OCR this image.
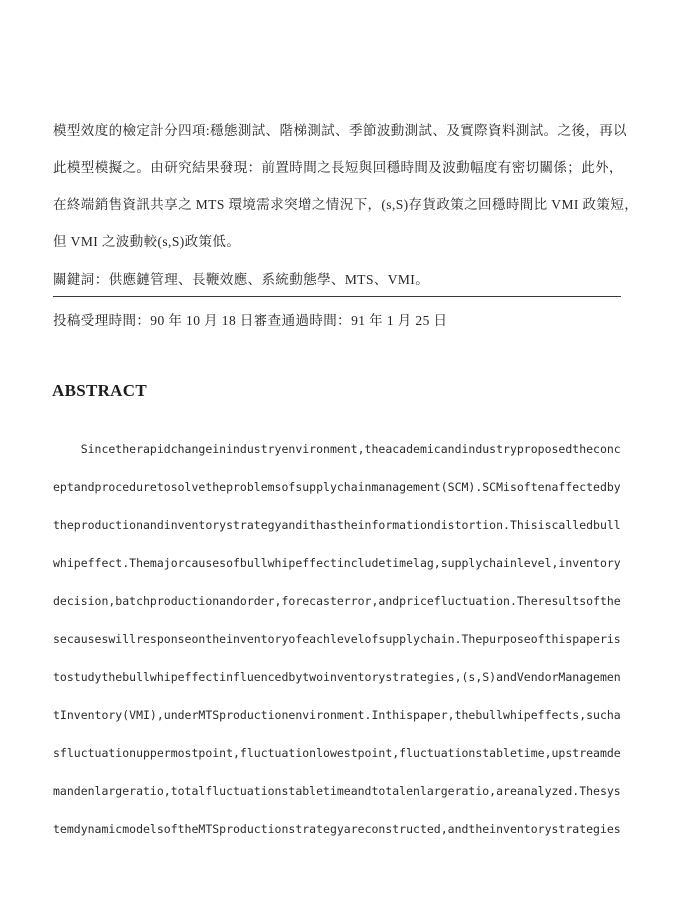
模型效度的檢定計分四項:穩態測試、階梯測試、季節波動測試、及實際資料測試。之後，再以
此模型模擬之。由研究結果發現：前置時間之長短與回穩時間及波動幅度有密切關係；此外，
在終端銷售資訊共享之 MTS 環境需求突增之情況下，(s,S)存貨政策之回穩時間比 VMI 政策短，
但 VMI 之波動較(s,S)政策低。
關鍵詞：供應鏈管理、長鞭效應、系統動態學、MTS、VMI。
投稿受理時間：90 年 10 月 18 日審查通過時間：91 年 1 月 25 日
ABSTRACT
Sincetherapidchangeinindustryenvironment,theacademicandindustryproposedtheconc
eptandproceduretosolvetheproblemsofsupplychainmanagement(SCM).SCMisoftenaffectedby
theproductionandinventorystrategyandithastheinformationdistortion.Thisiscalledbull
whipeffect.Themajorcausesofbullwhipeffectincludetimelag,supplychainlevel,inventory
decision,batchproductionandorder,forecasterror,andpricefluctuation.Theresultsofthe
secauseswillresponseontheinventoryofeachlevelofsupplychain.Thepurposeofthispaperis
tostudythebullwhipeffectinfluencedbytwoinventorystrategies,(s,S)andVendorManagemen
tInventory(VMI),underMTSproductionenvironment.Inthispaper,thebullwhipeffects,sucha
sfluctuationuppermostpoint,fluctuationlowestpoint,fluctuationstabletime,upstreamde
mandenlargeratio,totalfluctuationstabletimeandtotalenlargeratio,areanalyzed.Thesys
temdynamicmodelsoftheMTSproductionstrategyareconstructed,andtheinventorystrategies
